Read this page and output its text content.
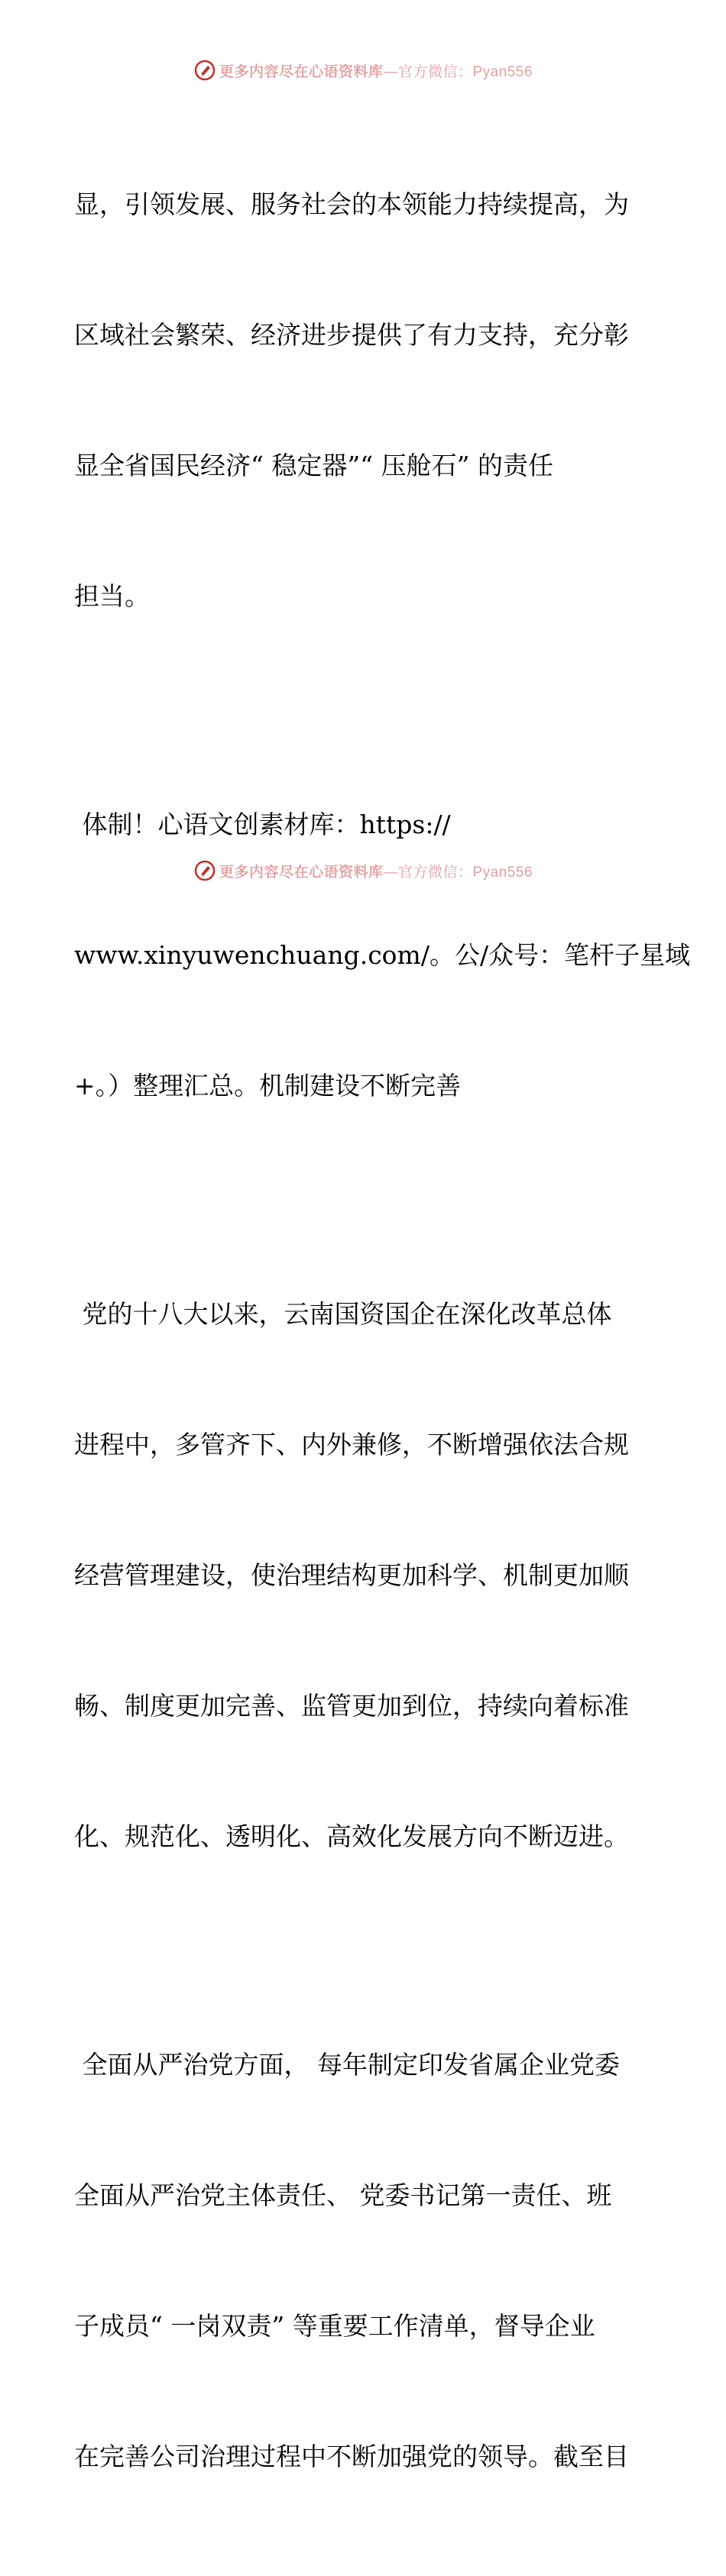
更多内容尽在心语资料库 —官方微信：Pyan556

显，引领发展、服务社会的本领能力持续提高，为

区域社会繁荣、经济进步提供了有力支持，充分彰

显全省国民经济“ 稳定器”“ 压舱石” 的责任

担当。

体制！心语文创素材库：https://

www.xinyuwenchuang.com/。公/众号：笔杆子星域

+。）整理汇总。机制建设不断完善

党的十八大以来，云南国资国企在深化改革总体

进程中，多管齐下、内外兼修，不断增强依法合规

经营管理建设，使治理结构更加科学、机制更加顺

畅、制度更加完善、监管更加到位，持续向着标准

化、规范化、透明化、高效化发展方向不断迈进。

全面从严治党方面， 每年制定印发省属企业党委

全面从严治党主体责任、 党委书记第一责任、班

子成员“ 一岗双责” 等重要工作清单，督导企业

在完善公司治理过程中不断加强党的领导。截至目

更多内容尽在心语资料库 —官方微信：Pyan556
